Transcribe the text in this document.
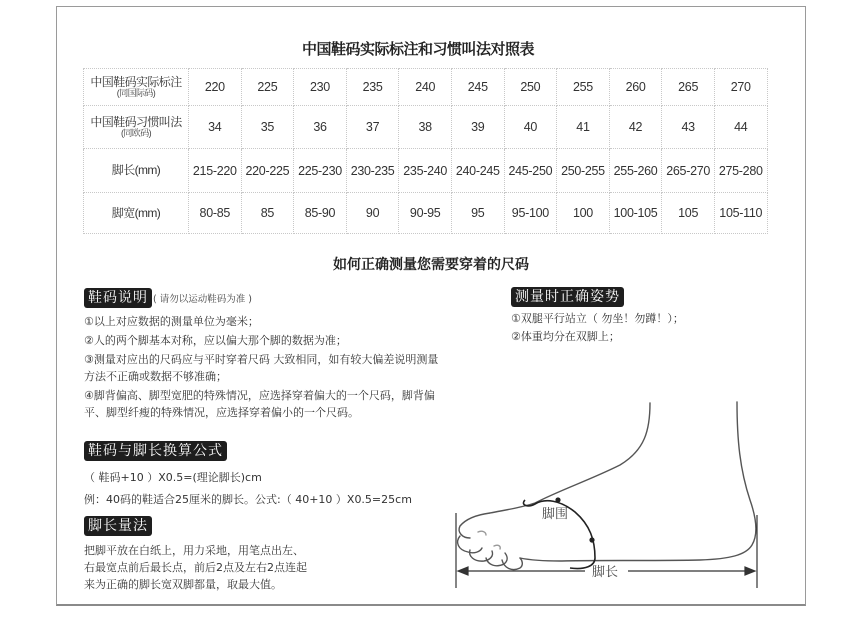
中国鞋码实际标注和习惯叫法对照表
中国鞋码实际标注
(同国际码)	220	225	230	235	240	245	250	255	260	265	270
中国鞋码习惯叫法
(同欧码)	34	35	36	37	38	39	40	41	42	43	44
脚长(mm)	215-220	220-225	225-230	230-235	235-240	240-245	245-250	250-255	255-260	265-270	275-280
脚宽(mm)	80-85	85	85-90	90	90-95	95	95-100	100	100-105	105	105-110
如何正确测量您需要穿着的尺码
鞋码说明 ( 请勿以运动鞋码为准 )

①以上对应数据的测量单位为毫米；

②人的两个脚基本对称，应以偏大那个脚的数据为准；

③测量对应出的尺码应与平时穿着尺码 大致相同，如有较大偏差说明测量方法不正确或数据不够准确；

④脚背偏高、脚型宽肥的特殊情况，应选择穿着偏大的一个尺码，脚背偏平、脚型纤瘦的特殊情况，应选择穿着偏小的一个尺码。

鞋码与脚长换算公式

（ 鞋码+10 ）X0.5=(理论脚长)cm

例：40码的鞋适合25厘米的脚长。公式:（ 40+10 ）X0.5=25cm

脚长量法

把脚平放在白纸上，用力采地，用笔点出左、

右最宽点前后最长点，前后2点及左右2点连起

来为正确的脚长宽双脚都量，取最大值。

测量时正确姿势

①双腿平行站立（ 勿坐！勿蹲！）；

②体重均分在双脚上；

脚围
脚长
